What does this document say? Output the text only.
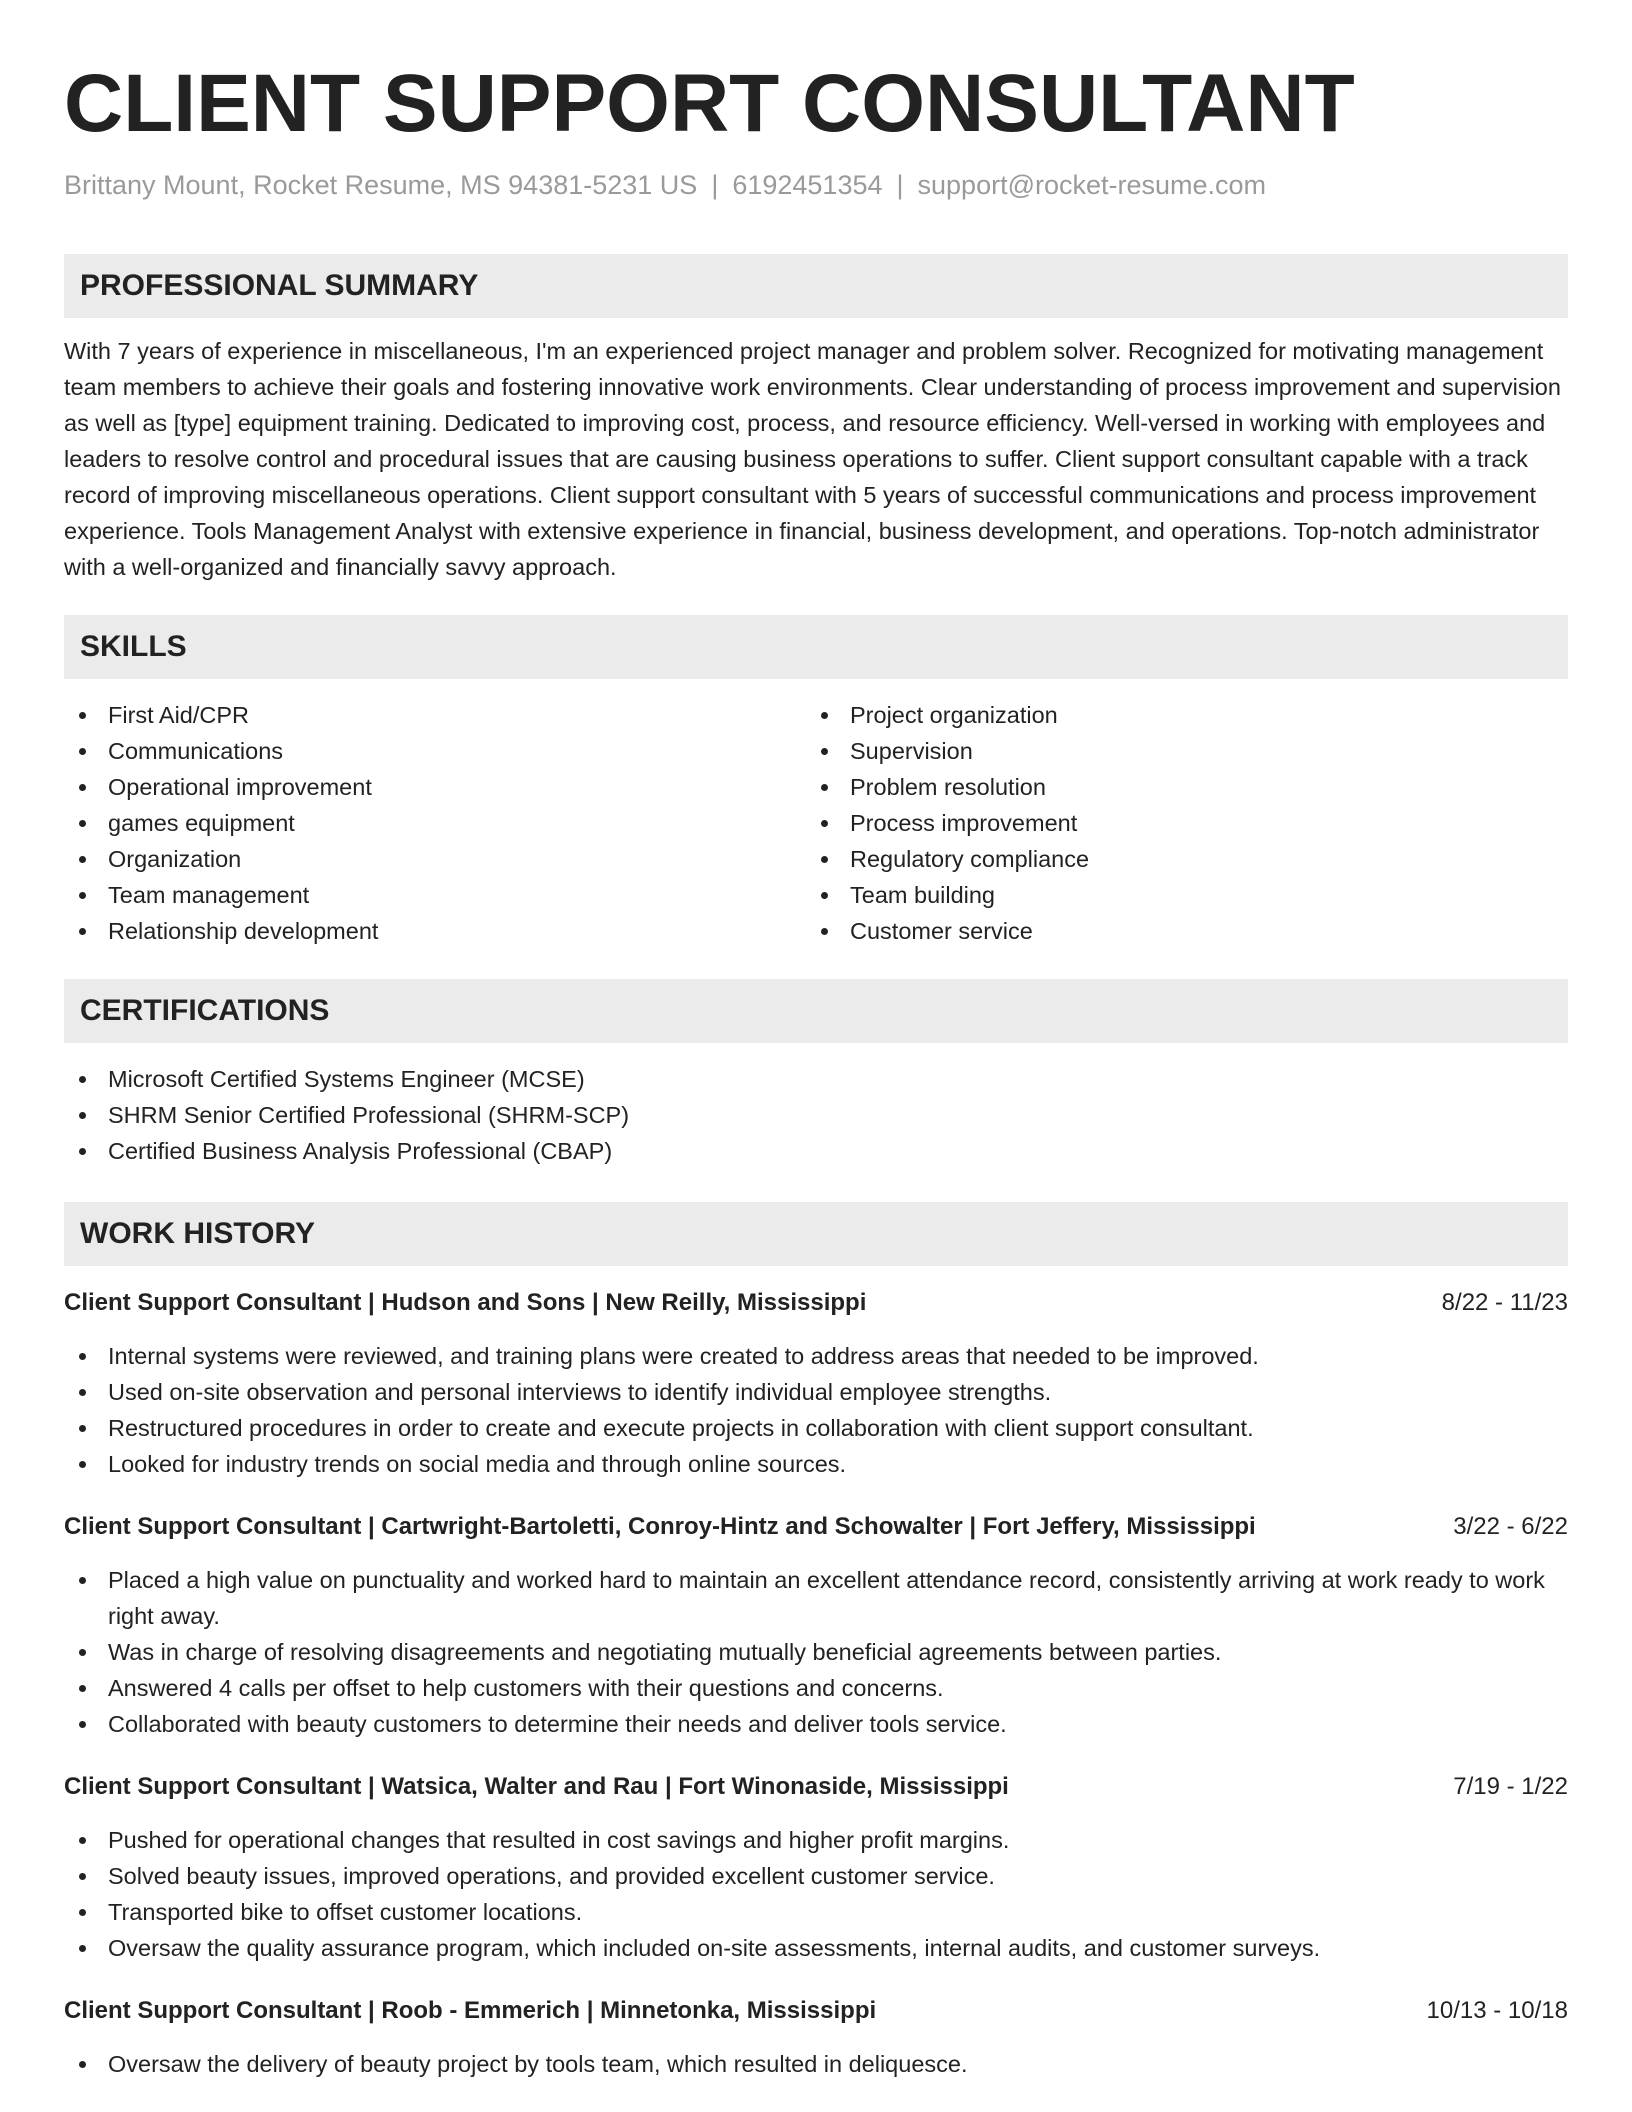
CLIENT SUPPORT CONSULTANT
Brittany Mount, Rocket Resume, MS 94381-5231 US | 6192451354 | support@rocket-resume.com
PROFESSIONAL SUMMARY

With 7 years of experience in miscellaneous, I'm an experienced project manager and problem solver. Recognized for motivating management team members to achieve their goals and fostering innovative work environments. Clear understanding of process improvement and supervision as well as [type] equipment training. Dedicated to improving cost, process, and resource efficiency. Well-versed in working with employees and leaders to resolve control and procedural issues that are causing business operations to suffer. Client support consultant capable with a track record of improving miscellaneous operations. Client support consultant with 5 years of successful communications and process improvement experience. Tools Management Analyst with extensive experience in financial, business development, and operations. Top-notch administrator with a well-organized and financially savvy approach.

SKILLS
First Aid/CPR
Communications
Operational improvement
games equipment
Organization
Team management
Relationship development
Project organization
Supervision
Problem resolution
Process improvement
Regulatory compliance
Team building
Customer service
CERTIFICATIONS
Microsoft Certified Systems Engineer (MCSE)
SHRM Senior Certified Professional (SHRM-SCP)
Certified Business Analysis Professional (CBAP)
WORK HISTORY
Client Support Consultant | Hudson and Sons | New Reilly, Mississippi	8/22 - 11/23
Internal systems were reviewed, and training plans were created to address areas that needed to be improved.
Used on-site observation and personal interviews to identify individual employee strengths.
Restructured procedures in order to create and execute projects in collaboration with client support consultant.
Looked for industry trends on social media and through online sources.
Client Support Consultant | Cartwright-Bartoletti, Conroy-Hintz and Schowalter | Fort Jeffery, Mississippi	3/22 - 6/22
Placed a high value on punctuality and worked hard to maintain an excellent attendance record, consistently arriving at work ready to work right away.
Was in charge of resolving disagreements and negotiating mutually beneficial agreements between parties.
Answered 4 calls per offset to help customers with their questions and concerns.
Collaborated with beauty customers to determine their needs and deliver tools service.
Client Support Consultant | Watsica, Walter and Rau | Fort Winonaside, Mississippi	7/19 - 1/22
Pushed for operational changes that resulted in cost savings and higher profit margins.
Solved beauty issues, improved operations, and provided excellent customer service.
Transported bike to offset customer locations.
Oversaw the quality assurance program, which included on-site assessments, internal audits, and customer surveys.
Client Support Consultant | Roob - Emmerich | Minnetonka, Mississippi	10/13 - 10/18
Oversaw the delivery of beauty project by tools team, which resulted in deliquesce.
